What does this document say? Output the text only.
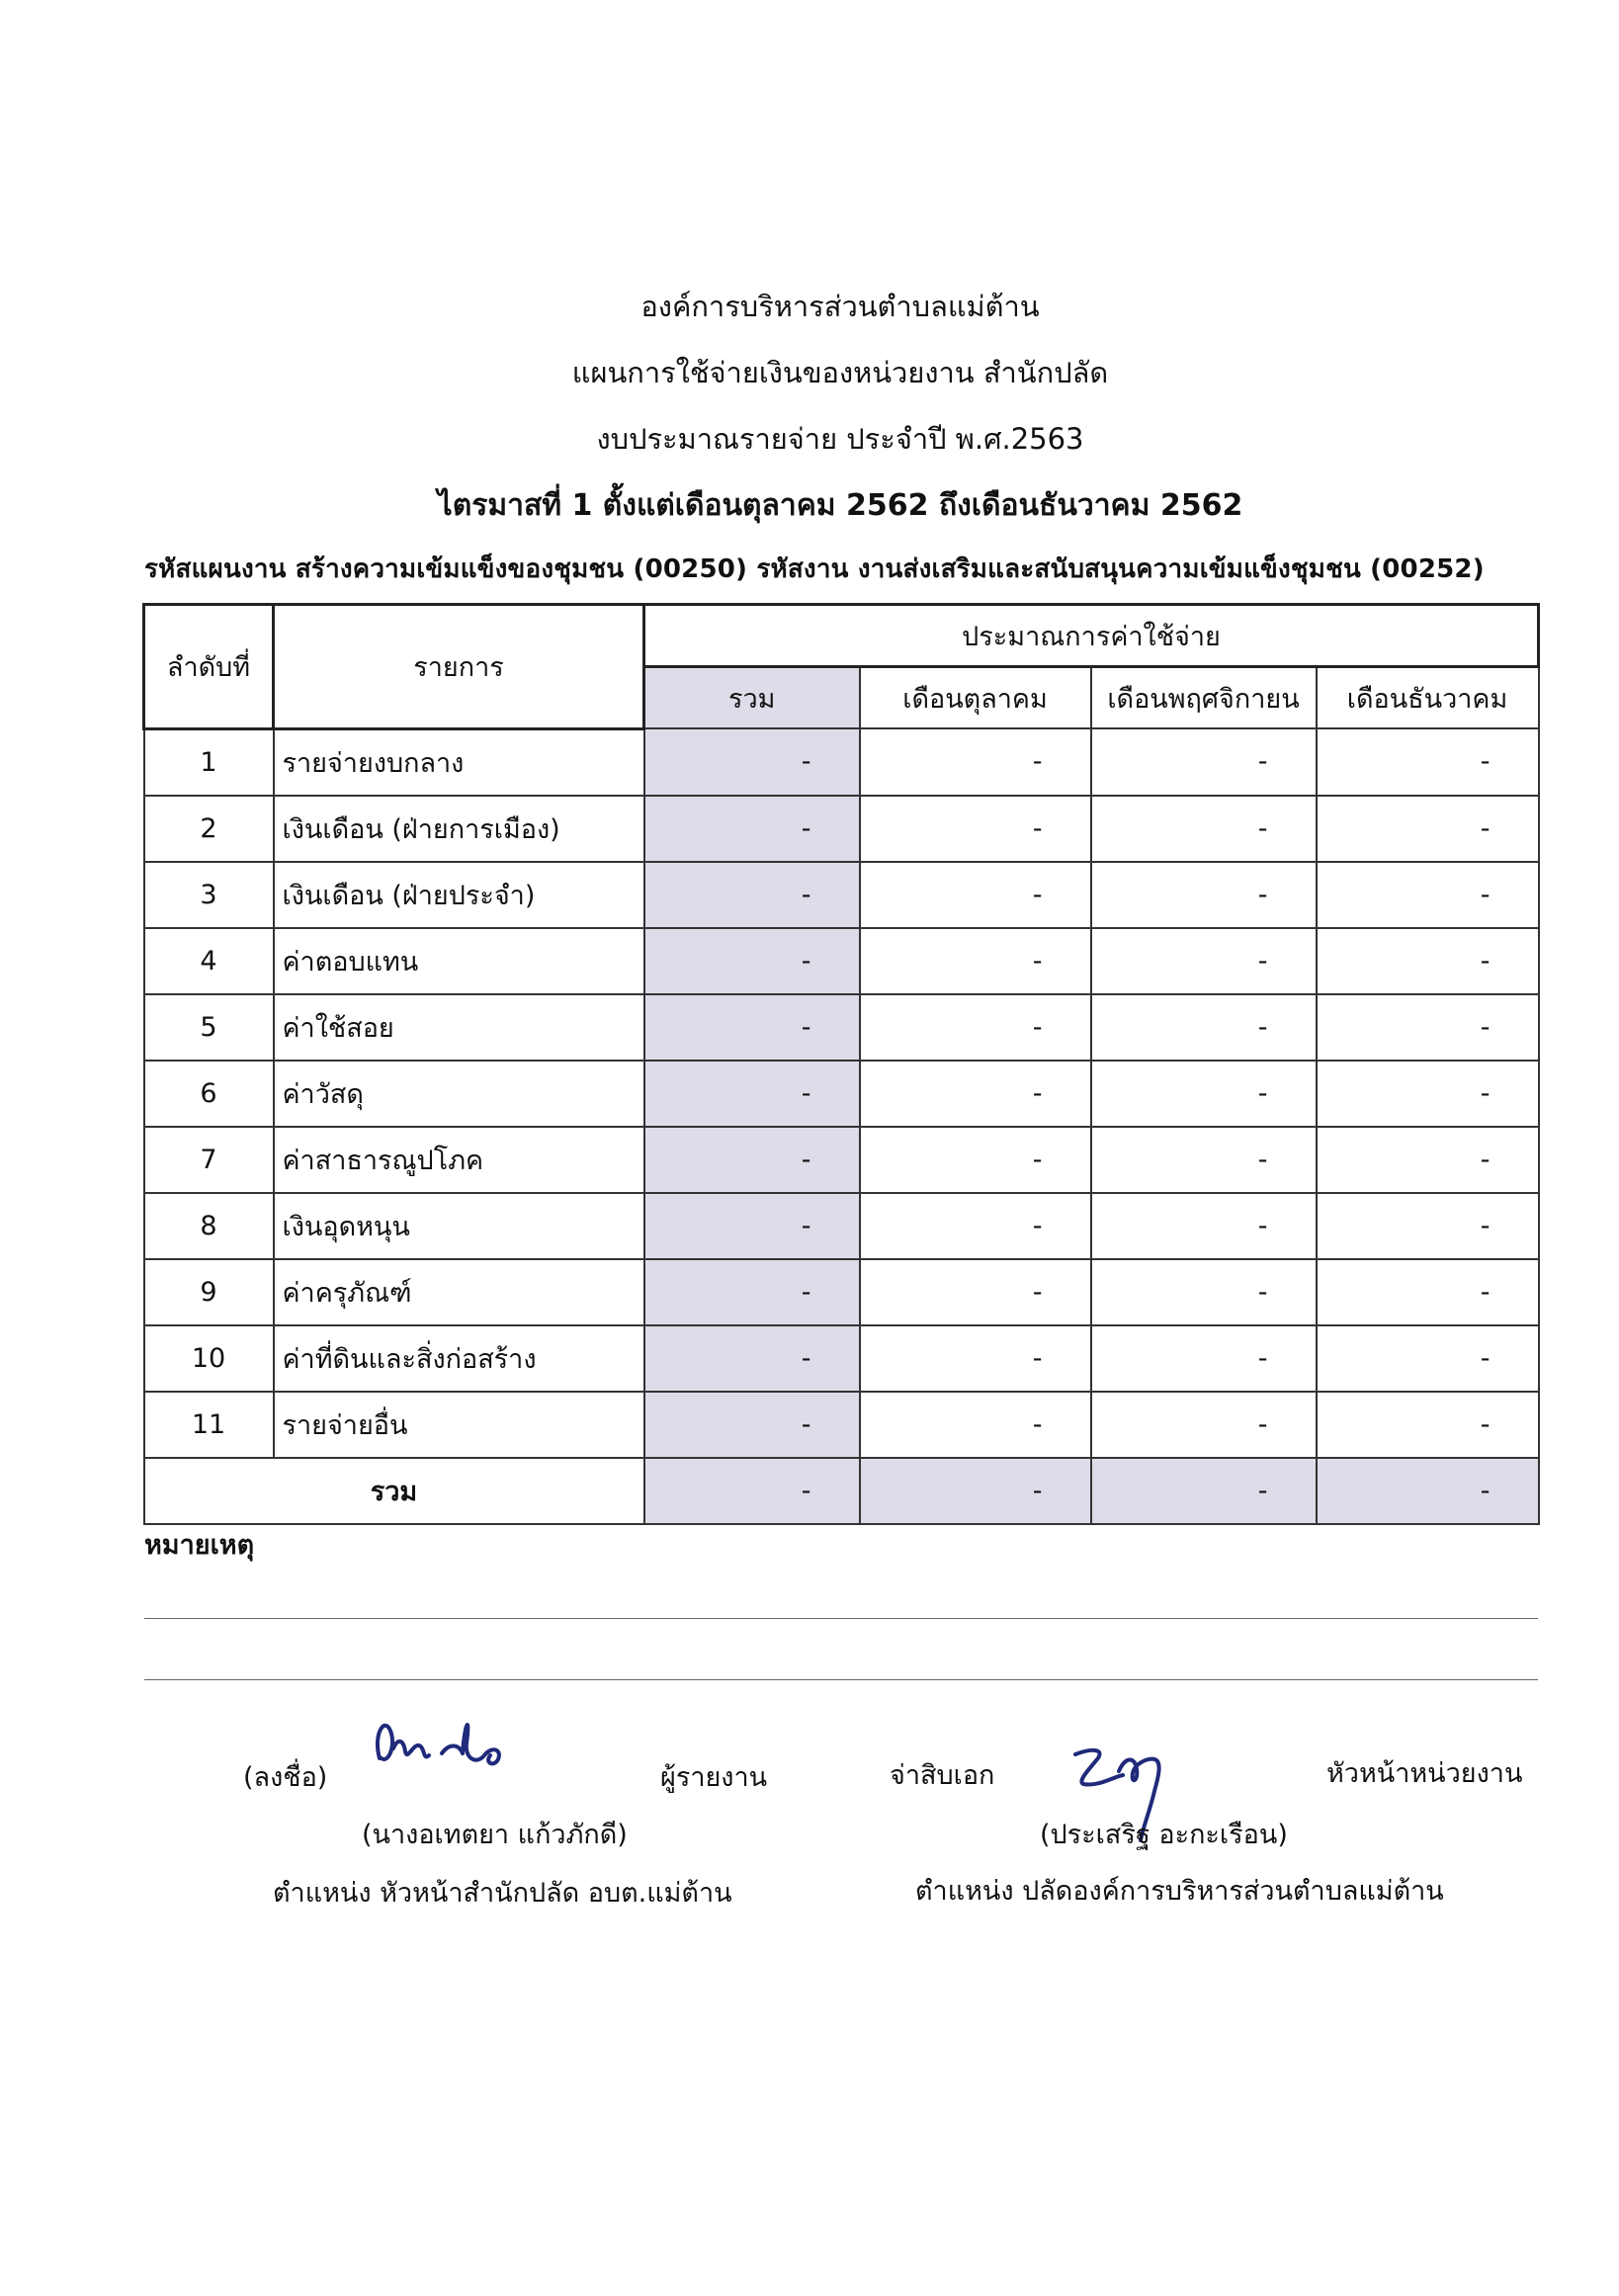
องค์การบริหารส่วนตำบลแม่ต้าน
แผนการใช้จ่ายเงินของหน่วยงาน สำนักปลัด
งบประมาณรายจ่าย ประจำปี พ.ศ.2563
ไตรมาสที่ 1 ตั้งแต่เดือนตุลาคม 2562 ถึงเดือนธันวาคม 2562
รหัสแผนงาน สร้างความเข้มแข็งของชุมชน (00250) รหัสงาน งานส่งเสริมและสนับสนุนความเข้มแข็งชุมชน (00252)
ลำดับที่	รายการ	ประมาณการค่าใช้จ่าย			
		รวม	เดือนตุลาคม	เดือนพฤศจิกายน	เดือนธันวาคม
1	รายจ่ายงบกลาง	-	-	-	-
2	เงินเดือน (ฝ่ายการเมือง)	-	-	-	-
3	เงินเดือน (ฝ่ายประจำ)	-	-	-	-
4	ค่าตอบแทน	-	-	-	-
5	ค่าใช้สอย	-	-	-	-
6	ค่าวัสดุ	-	-	-	-
7	ค่าสาธารณูปโภค	-	-	-	-
8	เงินอุดหนุน	-	-	-	-
9	ค่าครุภัณฑ์	-	-	-	-
10	ค่าที่ดินและสิ่งก่อสร้าง	-	-	-	-
11	รายจ่ายอื่น	-	-	-	-
รวม		-	-	-	-
หมายเหตุ
(ลงชื่อ)	ผู้รายงาน
(นางอเทตยา แก้วภักดี)
ตำแหน่ง หัวหน้าสำนักปลัด อบต.แม่ต้าน
จ่าสิบเอก	หัวหน้าหน่วยงาน
(ประเสริฐ อะกะเรือน)
ตำแหน่ง ปลัดองค์การบริหารส่วนตำบลแม่ต้าน
